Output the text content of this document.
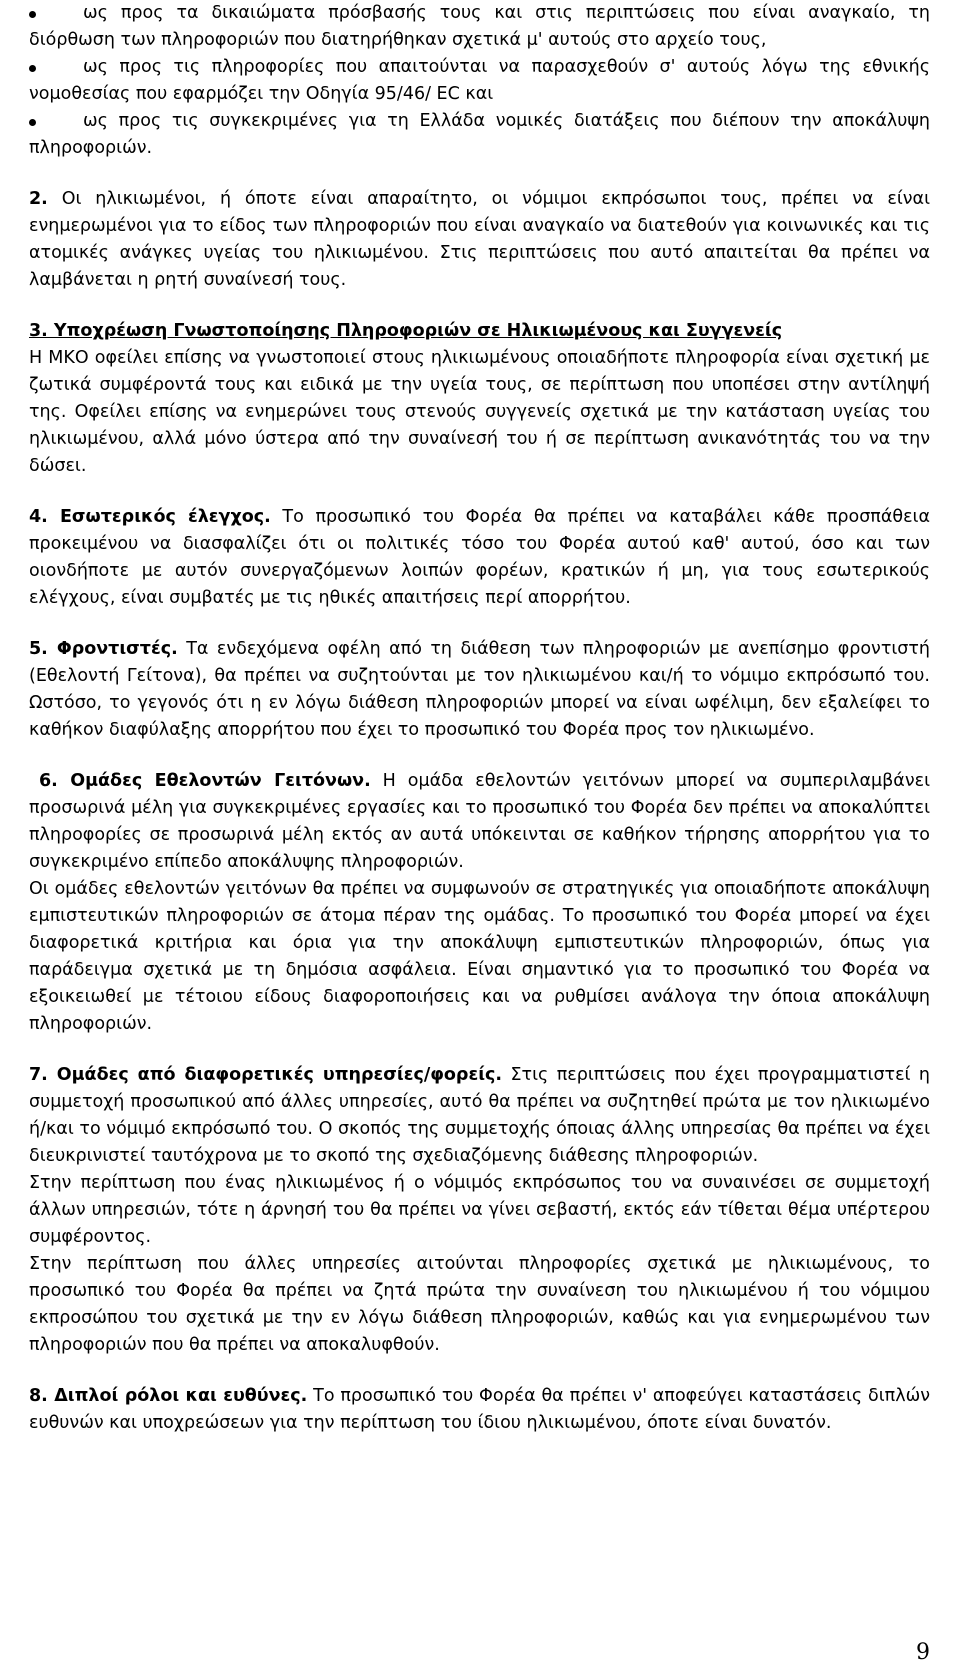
ως προς τα δικαιώματα πρόσβασής τους και στις περιπτώσεις που είναι αναγκαίο, τη διόρθωση των πληροφοριών που διατηρήθηκαν σχετικά μ' αυτούς στο αρχείο τους,
ως προς τις πληροφορίες που απαιτούνται να παρασχεθούν σ' αυτούς λόγω της εθνικής νομοθεσίας που εφαρμόζει την Οδηγία 95/46/ EC και
ως προς τις συγκεκριμένες για τη Ελλάδα νομικές διατάξεις που διέπουν την αποκάλυψη πληροφοριών.

2. Οι ηλικιωμένοι, ή όποτε είναι απαραίτητο, οι νόμιμοι εκπρόσωποι τους, πρέπει να είναι ενημερωμένοι για το είδος των πληροφοριών που είναι αναγκαίο να διατεθούν για κοινωνικές και τις ατομικές ανάγκες υγείας του ηλικιωμένου. Στις περιπτώσεις που αυτό απαιτείται θα πρέπει να λαμβάνεται η ρητή συναίνεσή τους.

3. Υποχρέωση Γνωστοποίησης Πληροφοριών σε Ηλικιωμένους και Συγγενείς

Η ΜΚΟ οφείλει επίσης να γνωστοποιεί στους ηλικιωμένους οποιαδήποτε πληροφορία είναι σχετική με ζωτικά συμφέροντά τους και ειδικά με την υγεία τους, σε περίπτωση που υποπέσει στην αντίληψή της. Οφείλει επίσης να ενημερώνει τους στενούς συγγενείς σχετικά με την κατάσταση υγείας του ηλικιωμένου, αλλά μόνο ύστερα από την συναίνεσή του ή σε περίπτωση ανικανότητάς του να την δώσει.

4. Εσωτερικός έλεγχος. Το προσωπικό του Φορέα θα πρέπει να καταβάλει κάθε προσπάθεια προκειμένου να διασφαλίζει ότι οι πολιτικές τόσο του Φορέα αυτού καθ' αυτού, όσο και των οιονδήποτε με αυτόν συνεργαζόμενων λοιπών φορέων, κρατικών ή μη, για τους εσωτερικούς ελέγχους, είναι συμβατές με τις ηθικές απαιτήσεις περί απορρήτου.

5. Φροντιστές. Τα ενδεχόμενα οφέλη από τη διάθεση των πληροφοριών με ανεπίσημο φροντιστή (Εθελοντή Γείτονα), θα πρέπει να συζητούνται με τον ηλικιωμένου και/ή το νόμιμο εκπρόσωπό του. Ωστόσο, το γεγονός ότι η εν λόγω διάθεση πληροφοριών μπορεί να είναι ωφέλιμη, δεν εξαλείφει το καθήκον διαφύλαξης απορρήτου που έχει το προσωπικό του Φορέα προς τον ηλικιωμένο.

6. Ομάδες Εθελοντών Γειτόνων. Η ομάδα εθελοντών γειτόνων μπορεί να συμπεριλαμβάνει προσωρινά μέλη για συγκεκριμένες εργασίες και το προσωπικό του Φορέα δεν πρέπει να αποκαλύπτει πληροφορίες σε προσωρινά μέλη εκτός αν αυτά υπόκεινται σε καθήκον τήρησης απορρήτου για το συγκεκριμένο επίπεδο αποκάλυψης πληροφοριών.

Οι ομάδες εθελοντών γειτόνων θα πρέπει να συμφωνούν σε στρατηγικές για οποιαδήποτε αποκάλυψη εμπιστευτικών πληροφοριών σε άτομα πέραν της ομάδας. Το προσωπικό του Φορέα μπορεί να έχει διαφορετικά κριτήρια και όρια για την αποκάλυψη εμπιστευτικών πληροφοριών, όπως για παράδειγμα σχετικά με τη δημόσια ασφάλεια. Είναι σημαντικό για το προσωπικό του Φορέα να εξοικειωθεί με τέτοιου είδους διαφοροποιήσεις και να ρυθμίσει ανάλογα την όποια αποκάλυψη πληροφοριών.

7. Ομάδες από διαφορετικές υπηρεσίες/φορείς. Στις περιπτώσεις που έχει προγραμματιστεί η συμμετοχή προσωπικού από άλλες υπηρεσίες, αυτό θα πρέπει να συζητηθεί πρώτα με τον ηλικιωμένο ή/και το νόμιμό εκπρόσωπό του. Ο σκοπός της συμμετοχής όποιας άλλης υπηρεσίας θα πρέπει να έχει διευκρινιστεί ταυτόχρονα με το σκοπό της σχεδιαζόμενης διάθεσης πληροφοριών.

Στην περίπτωση που ένας ηλικιωμένος ή ο νόμιμός εκπρόσωπος του να συναινέσει σε συμμετοχή άλλων υπηρεσιών, τότε η άρνησή του θα πρέπει να γίνει σεβαστή, εκτός εάν τίθεται θέμα υπέρτερου συμφέροντος.

Στην περίπτωση που άλλες υπηρεσίες αιτούνται πληροφορίες σχετικά με ηλικιωμένους, το προσωπικό του Φορέα θα πρέπει να ζητά πρώτα την συναίνεση του ηλικιωμένου ή του νόμιμου εκπροσώπου του σχετικά με την εν λόγω διάθεση πληροφοριών, καθώς και για ενημερωμένου των πληροφοριών που θα πρέπει να αποκαλυφθούν.

8. Διπλοί ρόλοι και ευθύνες. Το προσωπικό του Φορέα θα πρέπει ν' αποφεύγει καταστάσεις διπλών ευθυνών και υποχρεώσεων για την περίπτωση του ίδιου ηλικιωμένου, όποτε είναι δυνατόν.

9
